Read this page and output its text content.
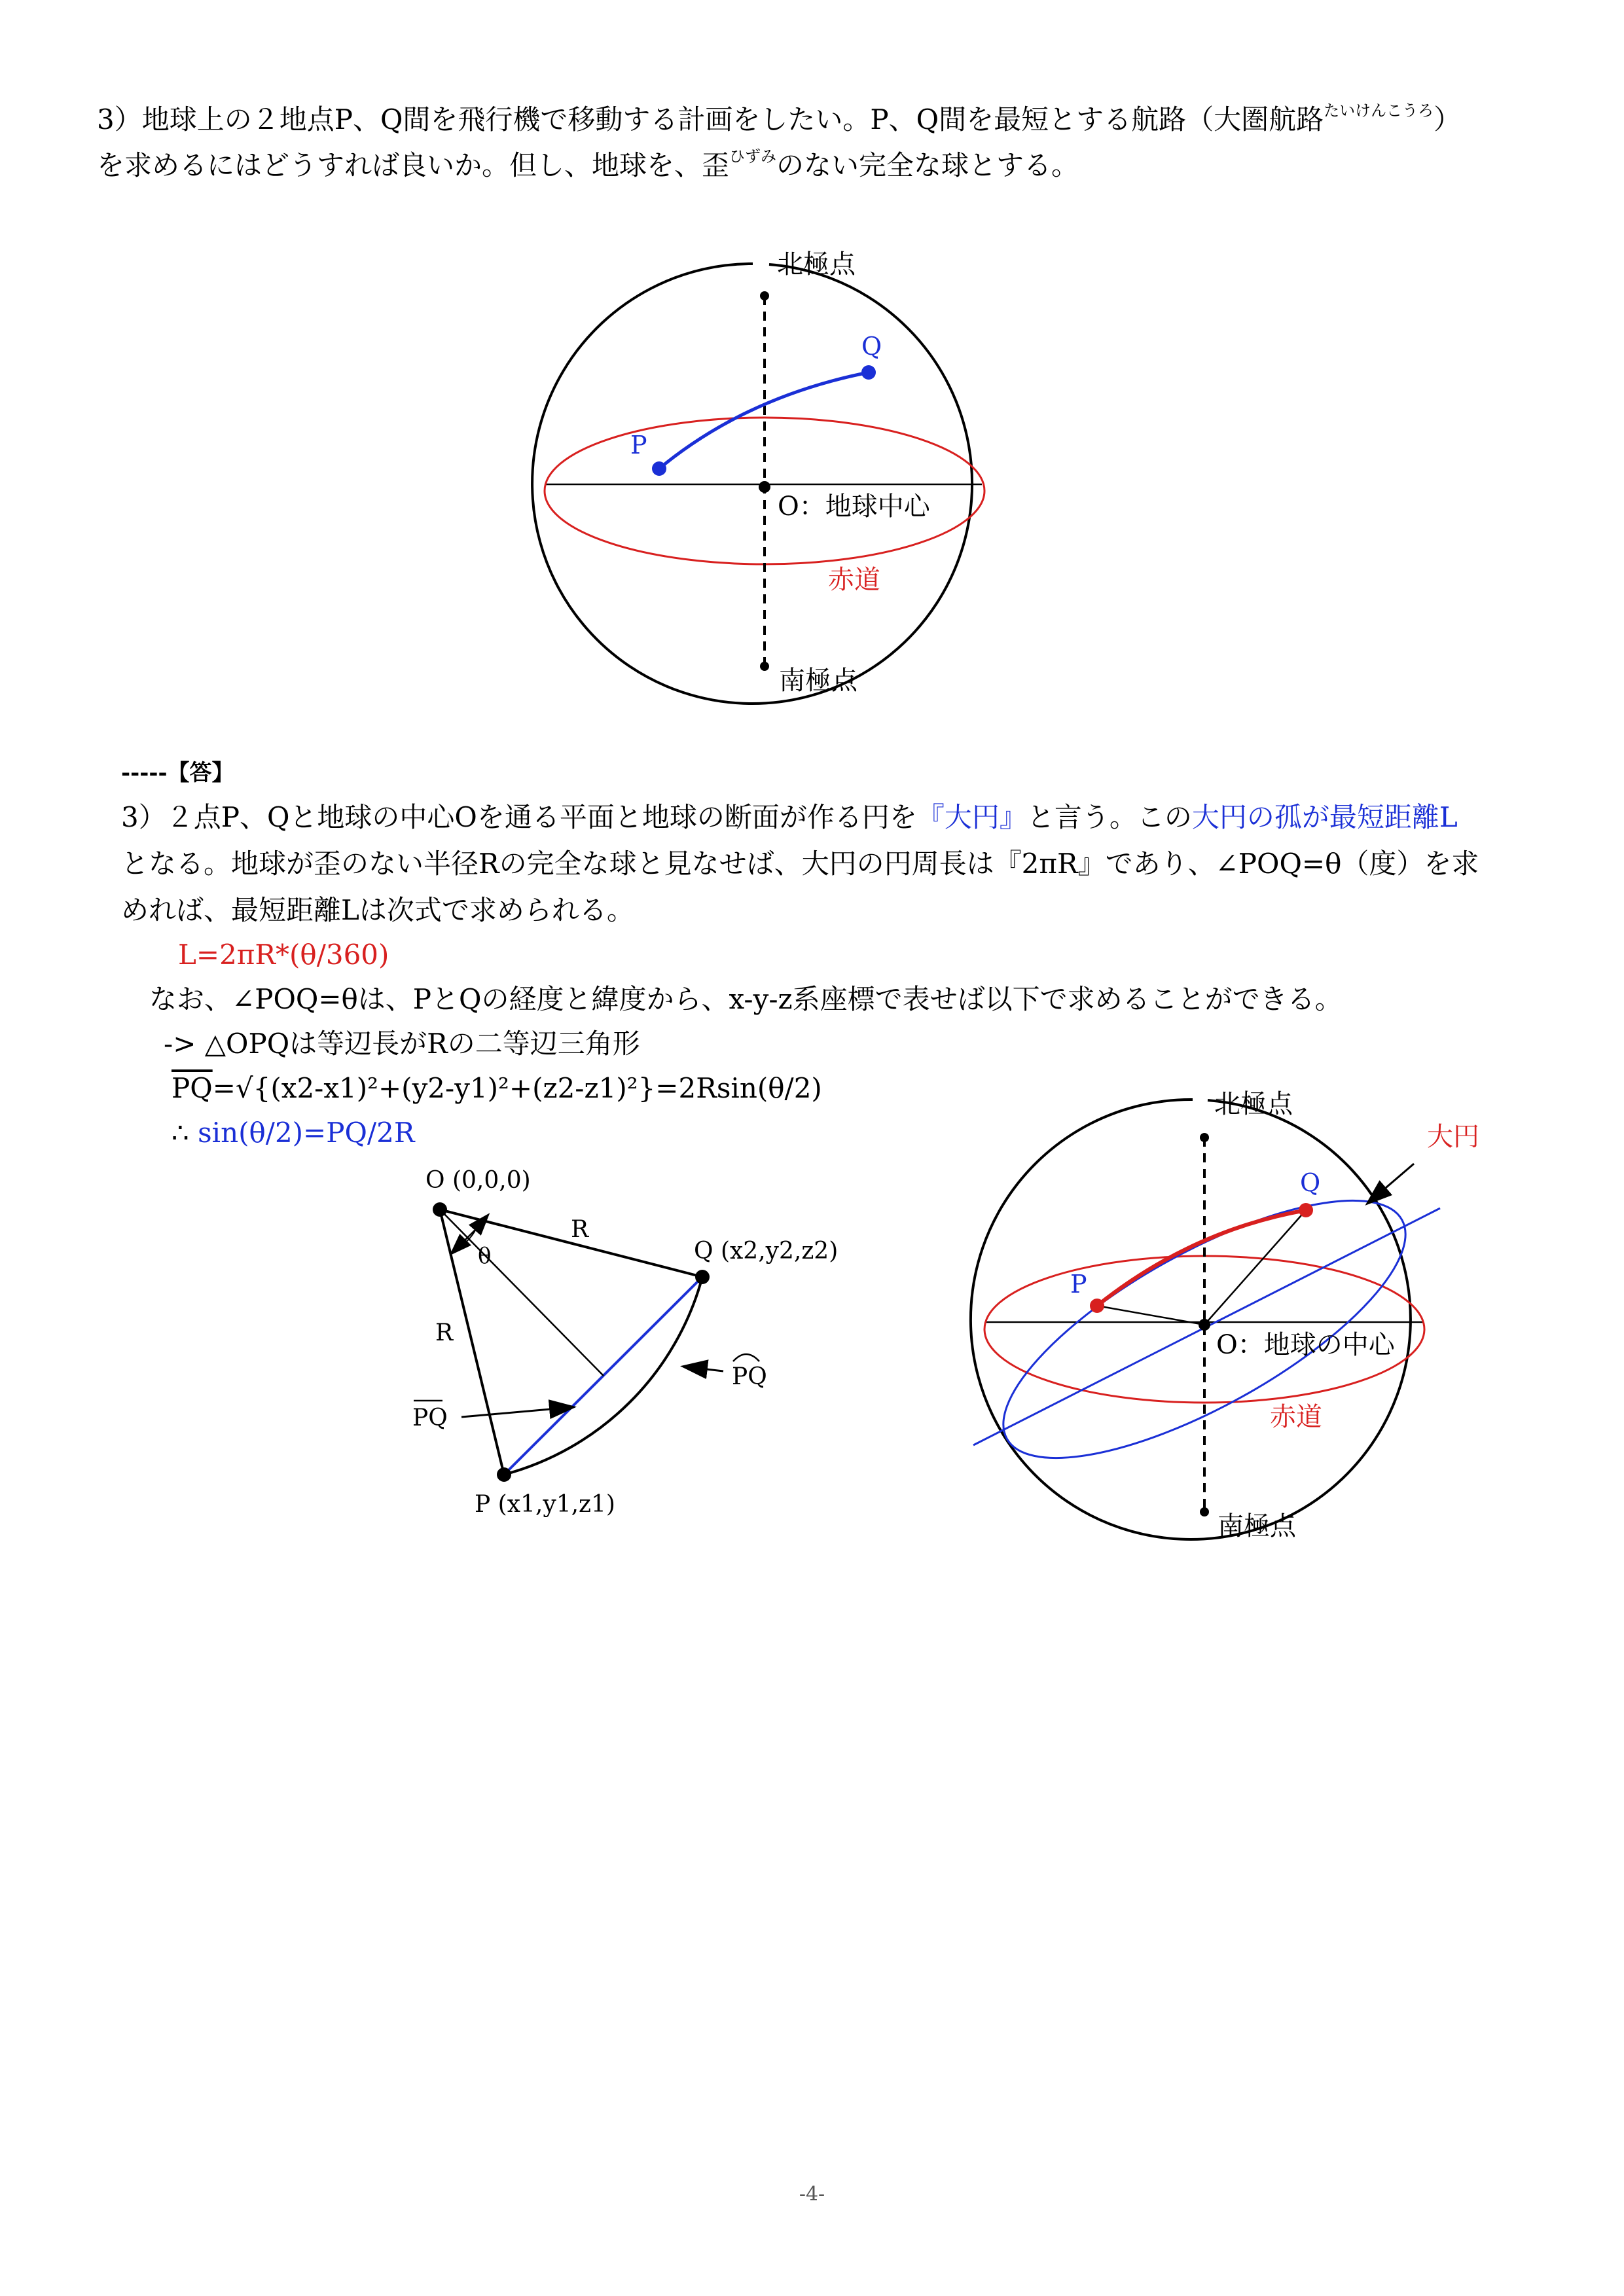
3）地球上の２地点P、Q間を飛行機で移動する計画をしたい。P、Q間を最短とする航路（大圏航路$^{たいけんこうろ}$）
を求めるにはどうすれば良いか。但し、地球を、歪$^{ひずみ}$のない完全な球とする。
北極点
南極点
O：地球中心
赤道
P
Q
-----【答】
3）２点P、Qと地球の中心Oを通る平面と地球の断面が作る円を『大円』と言う。この大円の孤が最短距離L
となる。地球が歪のない半径Rの完全な球と見なせば、大円の円周長は『2πR』であり、∠POQ=θ（度）を求
めれば、最短距離Lは次式で求められる。
L=2πR*(θ/360)
なお、∠POQ=θは、PとQの経度と緯度から、x-y-z系座標で表せば以下で求めることができる。
-> △OPQは等辺長がRの二等辺三角形
$\overline{PQ}=√\{(x2-x1)^2+(y2-y1)^2+(z2-z1)^2\}=2Rsin(\theta/2)$
∴ sin(θ/2)=PQ/2R
O (0,0,0)
Q (x2,y2,z2)
P (x1,y1,z1)
R
R
θ
PQ
PQ
北極点
南極点
大円
Q
P
O：地球の中心
赤道
-4-
